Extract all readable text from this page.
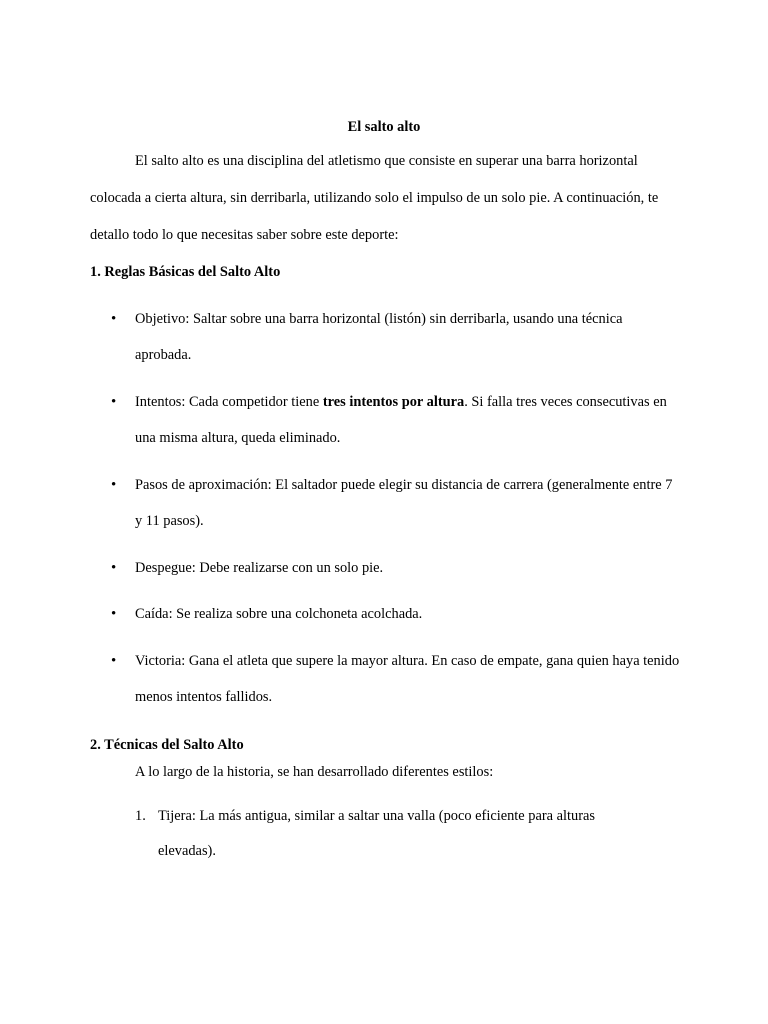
El salto alto

El salto alto es una disciplina del atletismo que consiste en superar una barra horizontal colocada a cierta altura, sin derribarla, utilizando solo el impulso de un solo pie. A continuación, te detallo todo lo que necesitas saber sobre este deporte:

1. Reglas Básicas del Salto Alto
• Objetivo: Saltar sobre una barra horizontal (listón) sin derribarla, usando una técnica aprobada.

• Intentos: Cada competidor tiene tres intentos por altura. Si falla tres veces consecutivas en una misma altura, queda eliminado.

• Pasos de aproximación: El saltador puede elegir su distancia de carrera (generalmente entre 7 y 11 pasos).

• Despegue: Debe realizarse con un solo pie.

• Caída: Se realiza sobre una colchoneta acolchada.

• Victoria: Gana el atleta que supere la mayor altura. En caso de empate, gana quien haya tenido menos intentos fallidos.

2. Técnicas del Salto Alto
A lo largo de la historia, se han desarrollado diferentes estilos:
1. Tijera: La más antigua, similar a saltar una valla (poco eficiente para alturas elevadas).
